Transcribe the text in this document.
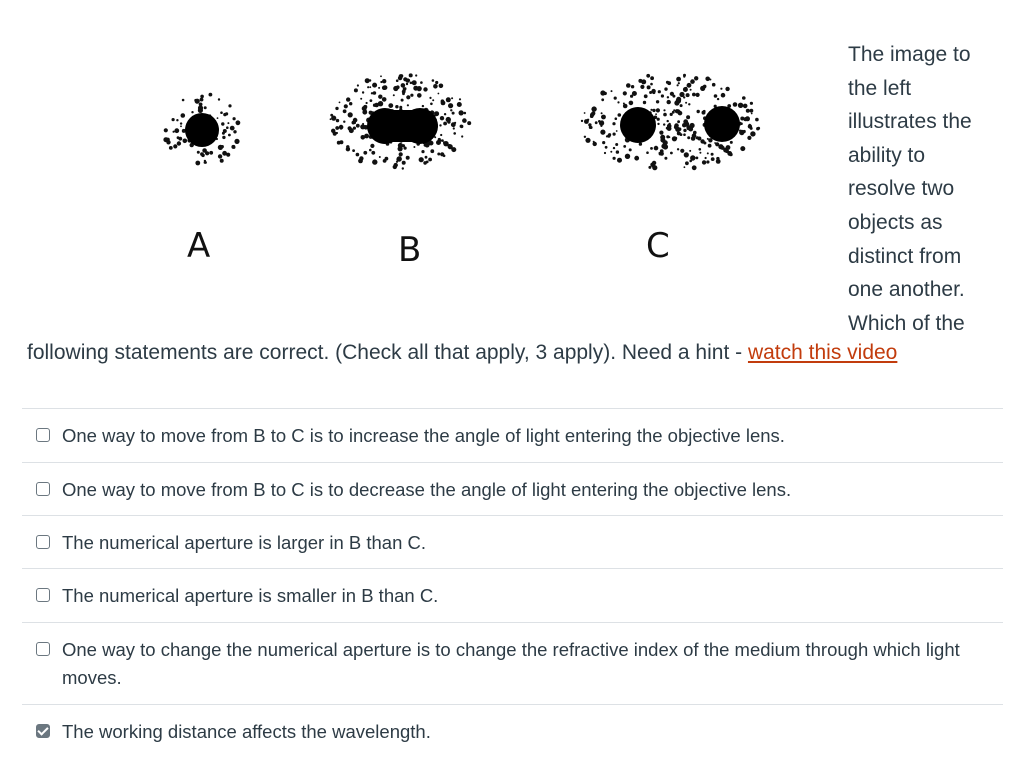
A	B	C
The image to
the left
illustrates the
ability to
resolve two
objects as
distinct from
one another.
Which of the
following statements are correct. (Check all that apply, 3 apply). Need a hint - watch this video
One way to move from B to C is to increase the angle of light entering the objective lens.
One way to move from B to C is to decrease the angle of light entering the objective lens.
The numerical aperture is larger in B than C.
The numerical aperture is smaller in B than C.
One way to change the numerical aperture is to change the refractive index of the medium through which light moves.
The working distance affects the wavelength.
